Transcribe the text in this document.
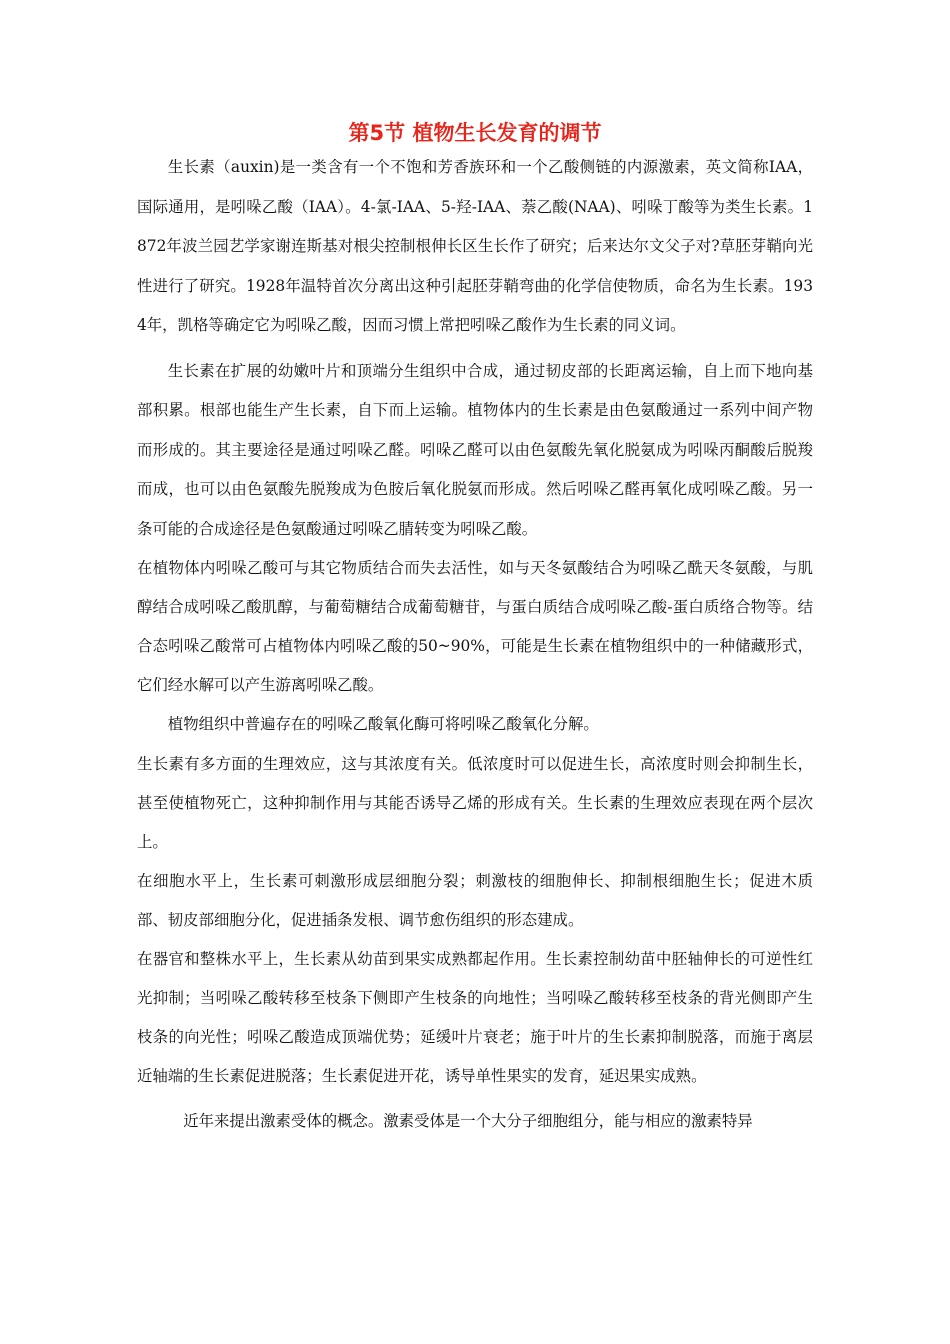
第5节 植物生长发育的调节

生长素（auxin)是一类含有一个不饱和芳香族环和一个乙酸侧链的内源激素，英文简称IAA，国际通用，是吲哚乙酸（IAA）。4-氯-IAA、5-羟-IAA、萘乙酸(NAA)、吲哚丁酸等为类生长素。1872年波兰园艺学家谢连斯基对根尖控制根伸长区生长作了研究；后来达尔文父子对?草胚芽鞘向光性进行了研究。1928年温特首次分离出这种引起胚芽鞘弯曲的化学信使物质，命名为生长素。1934年，凯格等确定它为吲哚乙酸，因而习惯上常把吲哚乙酸作为生长素的同义词。

生长素在扩展的幼嫩叶片和顶端分生组织中合成，通过韧皮部的长距离运输，自上而下地向基部积累。根部也能生产生长素，自下而上运输。植物体内的生长素是由色氨酸通过一系列中间产物而形成的。其主要途径是通过吲哚乙醛。吲哚乙醛可以由色氨酸先氧化脱氨成为吲哚丙酮酸后脱羧而成，也可以由色氨酸先脱羧成为色胺后氧化脱氨而形成。然后吲哚乙醛再氧化成吲哚乙酸。另一条可能的合成途径是色氨酸通过吲哚乙腈转变为吲哚乙酸。

在植物体内吲哚乙酸可与其它物质结合而失去活性，如与天冬氨酸结合为吲哚乙酰天冬氨酸，与肌醇结合成吲哚乙酸肌醇，与葡萄糖结合成葡萄糖苷，与蛋白质结合成吲哚乙酸-蛋白质络合物等。结合态吲哚乙酸常可占植物体内吲哚乙酸的50~90%，可能是生长素在植物组织中的一种储藏形式，它们经水解可以产生游离吲哚乙酸。

植物组织中普遍存在的吲哚乙酸氧化酶可将吲哚乙酸氧化分解。

生长素有多方面的生理效应，这与其浓度有关。低浓度时可以促进生长，高浓度时则会抑制生长，甚至使植物死亡，这种抑制作用与其能否诱导乙烯的形成有关。生长素的生理效应表现在两个层次上。

在细胞水平上，生长素可刺激形成层细胞分裂；刺激枝的细胞伸长、抑制根细胞生长；促进木质部、韧皮部细胞分化，促进插条发根、调节愈伤组织的形态建成。

在器官和整株水平上，生长素从幼苗到果实成熟都起作用。生长素控制幼苗中胚轴伸长的可逆性红光抑制；当吲哚乙酸转移至枝条下侧即产生枝条的向地性；当吲哚乙酸转移至枝条的背光侧即产生枝条的向光性；吲哚乙酸造成顶端优势；延缓叶片衰老；施于叶片的生长素抑制脱落，而施于离层近轴端的生长素促进脱落；生长素促进开花，诱导单性果实的发育，延迟果实成熟。

近年来提出激素受体的概念。激素受体是一个大分子细胞组分，能与相应的激素特异
